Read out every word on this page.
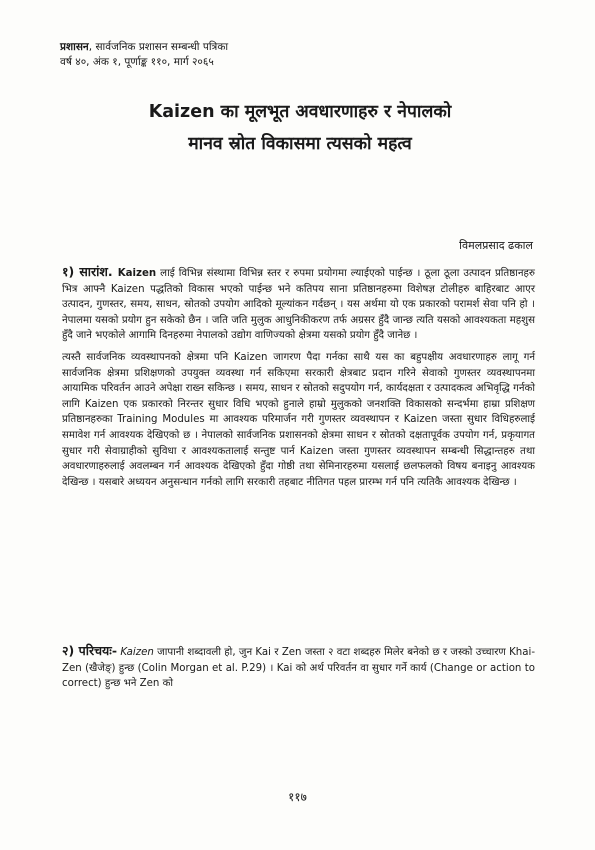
प्रशासन, सार्वजनिक प्रशासन सम्बन्धी पत्रिका
वर्ष ४०, अंक १, पूर्णाङ्क ११०, मार्ग २०६५
Kaizen का मूलभूत अवधारणाहरु र नेपालको
मानव स्रोत विकासमा त्यसको महत्व
विमलप्रसाद ढकाल

१) सारांश. Kaizen लाई विभिन्न संस्थामा विभिन्न स्तर र रुपमा प्रयोगमा ल्याईएको पाईन्छ । ठूला ठूला उत्पादन प्रतिष्ठानहरु भित्र आफ्नै Kaizen पद्धतिको विकास भएको पाईन्छ भने कतिपय साना प्रतिष्ठानहरुमा विशेषज्ञ टोलीहरु बाहिरबाट आएर उत्पादन, गुणस्तर, समय, साधन, स्रोतको उपयोग आदिको मूल्यांकन गर्दछन् । यस अर्थमा यो एक प्रकारको परामर्श सेवा पनि हो । नेपालमा यसको प्रयोग हुन सकेको छैन । जति जति मुलुक आधुनिकीकरण तर्फ अग्रसर हुँदै जान्छ त्यति यसको आवश्यकता महशुस हुँदै जाने भएकोले आगामि दिनहरुमा नेपालको उद्योग वाणिज्यको क्षेत्रमा यसको प्रयोग हुँदै जानेछ ।

त्यस्तै सार्वजनिक व्यवस्थापनको क्षेत्रमा पनि Kaizen जागरण पैदा गर्नका साथै यस का बहुपक्षीय अवधारणाहरु लागू गर्न सार्वजनिक क्षेत्रमा प्रशिक्षणको उपयुक्त व्यवस्था गर्न सकिएमा सरकारी क्षेत्रबाट प्रदान गरिने सेवाको गुणस्तर व्यवस्थापनमा आयामिक परिवर्तन आउने अपेक्षा राख्न सकिन्छ । समय, साधन र स्रोतको सदुपयोग गर्न, कार्यदक्षता र उत्पादकत्व अभिवृद्धि गर्नको लागि Kaizen एक प्रकारको निरन्तर सुधार विधि भएको हुनाले हाम्रो मुलुकको जनशक्ति विकासको सन्दर्भमा हाम्रा प्रशिक्षण प्रतिष्ठानहरुका Training Modules मा आवश्यक परिमार्जन गरी गुणस्तर व्यवस्थापन र Kaizen जस्ता सुधार विधिहरुलाई समावेश गर्न आवश्यक देखिएको छ । नेपालको सार्वजनिक प्रशासनको क्षेत्रमा साधन र स्रोतको दक्षतापूर्वक उपयोग गर्न, प्रकृयागत सुधार गरी सेवाग्राहीको सुविधा र आवश्यकतालाई सन्तुष्ट पार्न Kaizen जस्ता गुणस्तर व्यवस्थापन सम्बन्धी सिद्धान्तहरु तथा अवधारणाहरुलाई अवलम्बन गर्न आवश्यक देखिएको हुँदा गोष्ठी तथा सेमिनारहरुमा यसलाई छलफलको विषय बनाइनु आवश्यक देखिन्छ । यसबारे अध्ययन अनुसन्धान गर्नको लागि सरकारी तहबाट नीतिगत पहल प्रारम्भ गर्न पनि त्यतिकै आवश्यक देखिन्छ ।

२) परिचयः- Kaizen जापानी शब्दावली हो, जुन Kai र Zen जस्ता २ वटा शब्दहरु मिलेर बनेको छ र जस्को उच्चारण Khai-Zen (खैजेङ्) हुन्छ (Colin Morgan et al. P.29) । Kai को अर्थ परिवर्तन वा सुधार गर्ने कार्य (Change or action to correct) हुन्छ भने Zen को

११७
